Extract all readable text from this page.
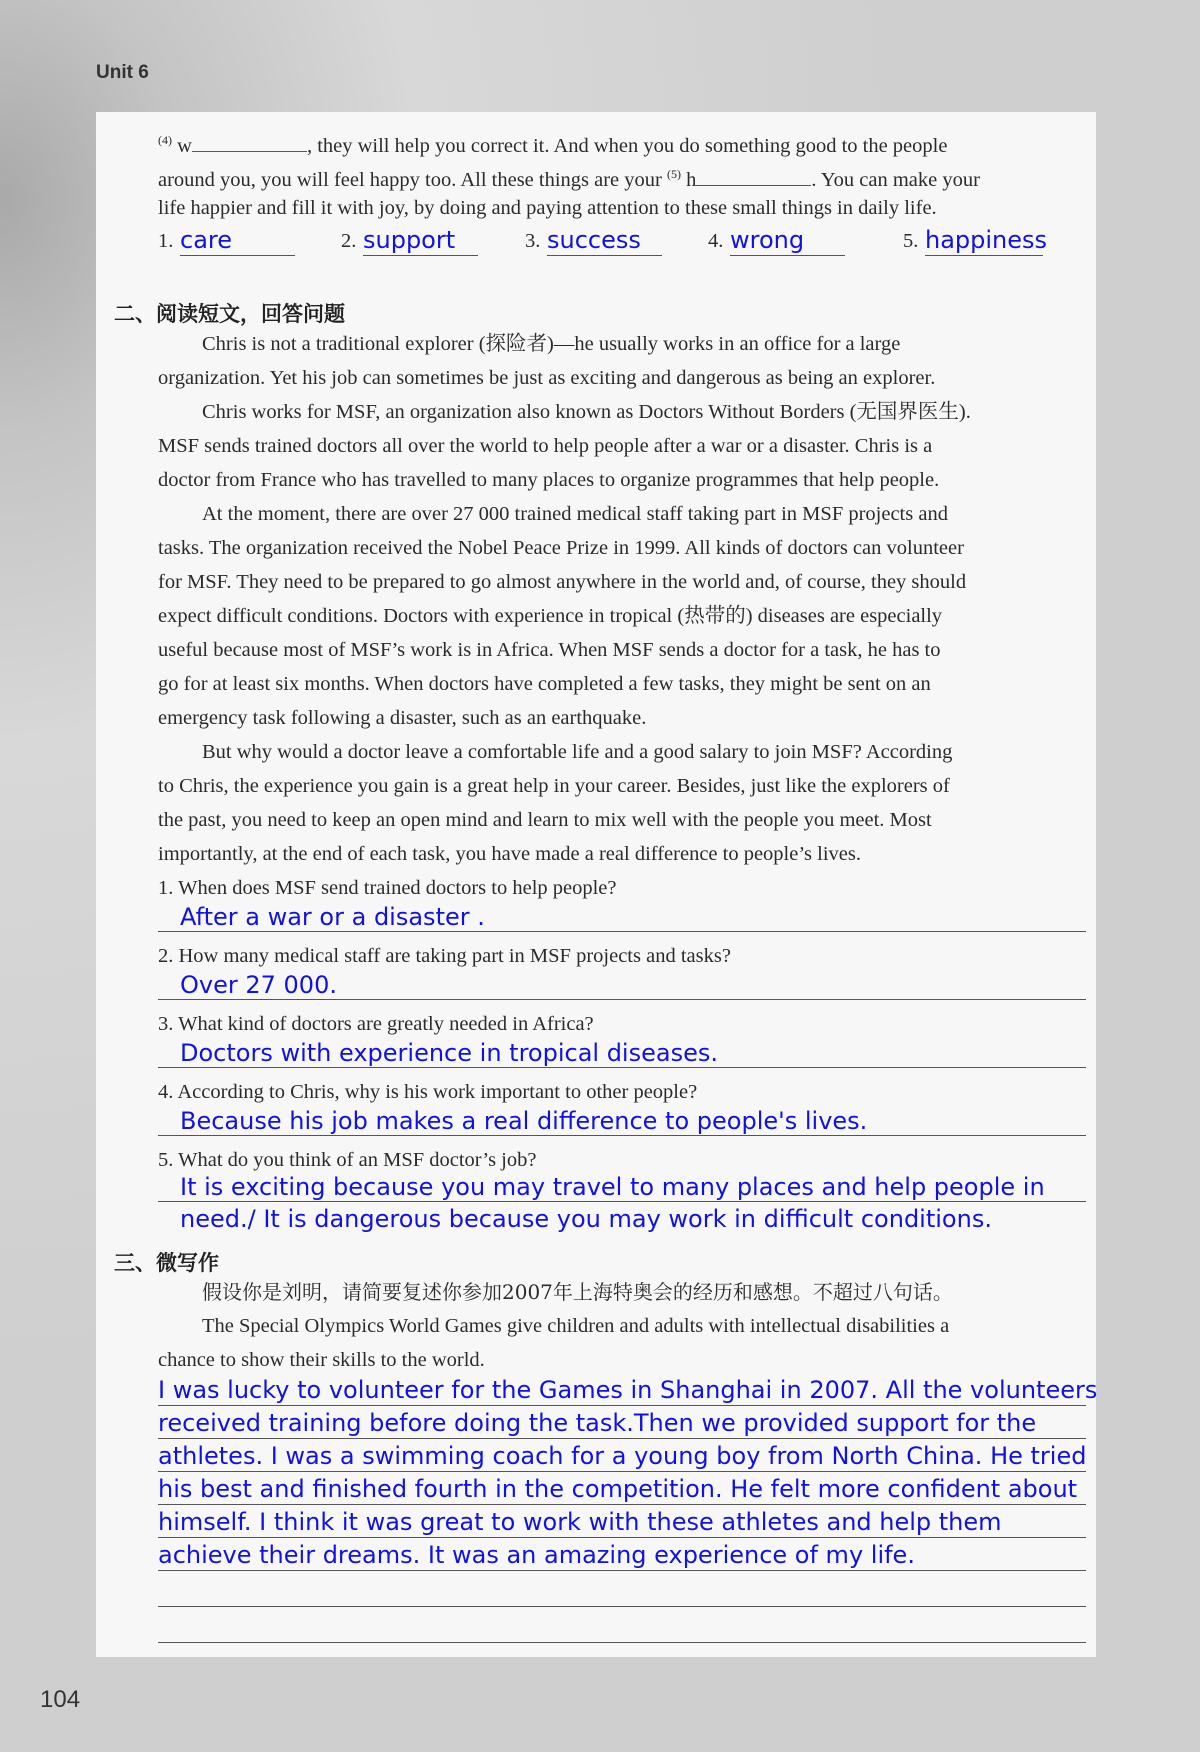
Unit 6
$^{(4)}$ w	, they will help you correct it. And when you do something good to the people
around you, you will feel happy too. All these things are your $^{(5)}$ h	. You can make your
life happier and fill it with joy, by doing and paying attention to these small things in daily life.
1. care	2. support	3. success	4. wrong	5. happiness
二、阅读短文，回答问题
Chris is not a traditional explorer (探险者)—he usually works in an office for a large
organization. Yet his job can sometimes be just as exciting and dangerous as being an explorer.
Chris works for MSF, an organization also known as Doctors Without Borders (无国界医生).
MSF sends trained doctors all over the world to help people after a war or a disaster. Chris is a
doctor from France who has travelled to many places to organize programmes that help people.
At the moment, there are over 27 000 trained medical staff taking part in MSF projects and
tasks. The organization received the Nobel Peace Prize in 1999. All kinds of doctors can volunteer
for MSF. They need to be prepared to go almost anywhere in the world and, of course, they should
expect difficult conditions. Doctors with experience in tropical (热带的) diseases are especially
useful because most of MSF’s work is in Africa. When MSF sends a doctor for a task, he has to
go for at least six months. When doctors have completed a few tasks, they might be sent on an
emergency task following a disaster, such as an earthquake.
But why would a doctor leave a comfortable life and a good salary to join MSF? According
to Chris, the experience you gain is a great help in your career. Besides, just like the explorers of
the past, you need to keep an open mind and learn to mix well with the people you meet. Most
importantly, at the end of each task, you have made a real difference to people’s lives.
1. When does MSF send trained doctors to help people?
After a war or a disaster .
2. How many medical staff are taking part in MSF projects and tasks?
Over 27 000.
3. What kind of doctors are greatly needed in Africa?
Doctors with experience in tropical diseases.
4. According to Chris, why is his work important to other people?
Because his job makes a real difference to people's lives.
5. What do you think of an MSF doctor’s job?
It is exciting because you may travel to many places and help people in
need./ It is dangerous because you may work in difficult conditions.
三、微写作
假设你是刘明，请简要复述你参加2007年上海特奥会的经历和感想。不超过八句话。
The Special Olympics World Games give children and adults with intellectual disabilities a
chance to show their skills to the world.
I was lucky to volunteer for the Games in Shanghai in 2007. All the volunteers
received training before doing the task.Then we provided support for the
athletes. I was a swimming coach for a young boy from North China. He tried
his best and finished fourth in the competition. He felt more confident about
himself. I think it was great to work with these athletes and help them
achieve their dreams. It was an amazing experience of my life.
104
